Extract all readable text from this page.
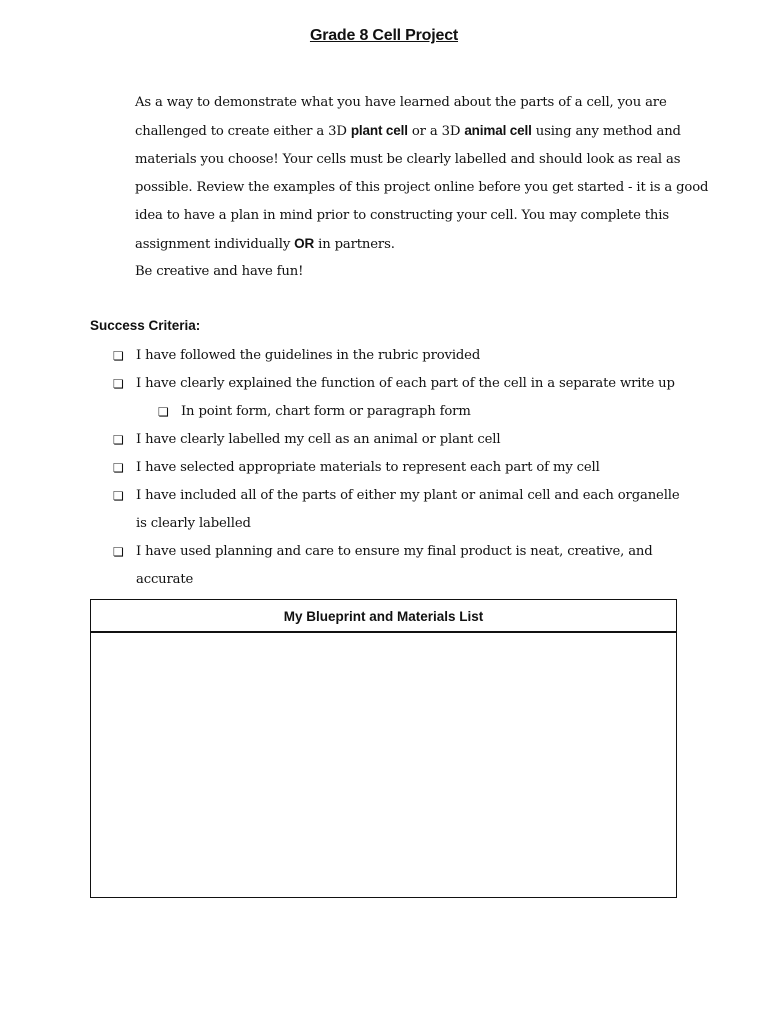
Grade 8 Cell Project
As a way to demonstrate what you have learned about the parts of a cell, you are challenged to create either a 3D plant cell or a 3D animal cell using any method and materials you choose! Your cells must be clearly labelled and should look as real as possible. Review the examples of this project online before you get started - it is a good idea to have a plan in mind prior to constructing your cell. You may complete this assignment individually OR in partners.
Be creative and have fun!
Success Criteria:
❏ I have followed the guidelines in the rubric provided
❏ I have clearly explained the function of each part of the cell in a separate write up
❏ In point form, chart form or paragraph form
❏ I have clearly labelled my cell as an animal or plant cell
❏ I have selected appropriate materials to represent each part of my cell
❏ I have included all of the parts of either my plant or animal cell and each organelle is clearly labelled
❏ I have used planning and care to ensure my final product is neat, creative, and accurate
My Blueprint and Materials List
